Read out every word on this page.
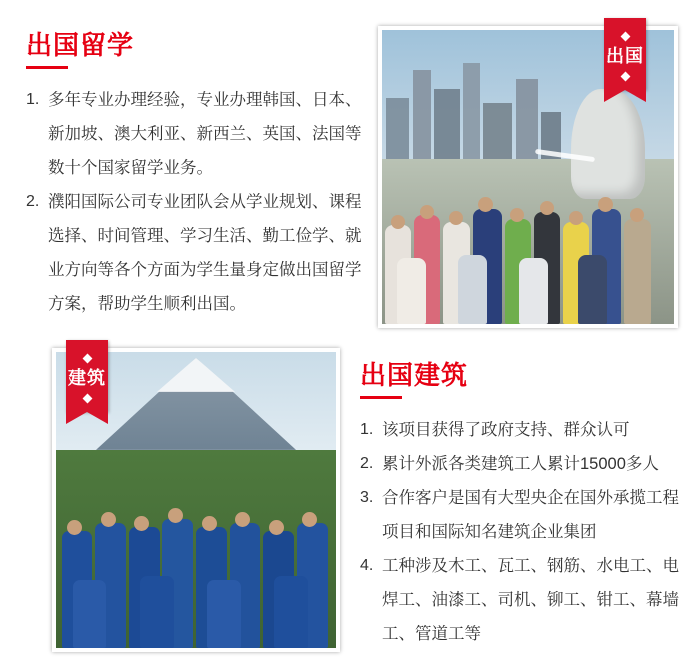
出国留学
1. 多年专业办理经验，专业办理韩国、日本、新加坡、澳大利亚、新西兰、英国、法国等数十个国家留学业务。
2. 濮阳国际公司专业团队会从学业规划、课程选择、时间管理、学习生活、勤工俭学、就业方向等各个方面为学生量身定做出国留学方案，帮助学生顺利出国。
出国
建筑	出国建筑
1. 该项目获得了政府支持、群众认可
2. 累计外派各类建筑工人累计15000多人
3. 合作客户是国有大型央企在国外承揽工程项目和国际知名建筑企业集团
4. 工种涉及木工、瓦工、钢筋、水电工、电焊工、油漆工、司机、铆工、钳工、幕墙工、管道工等
